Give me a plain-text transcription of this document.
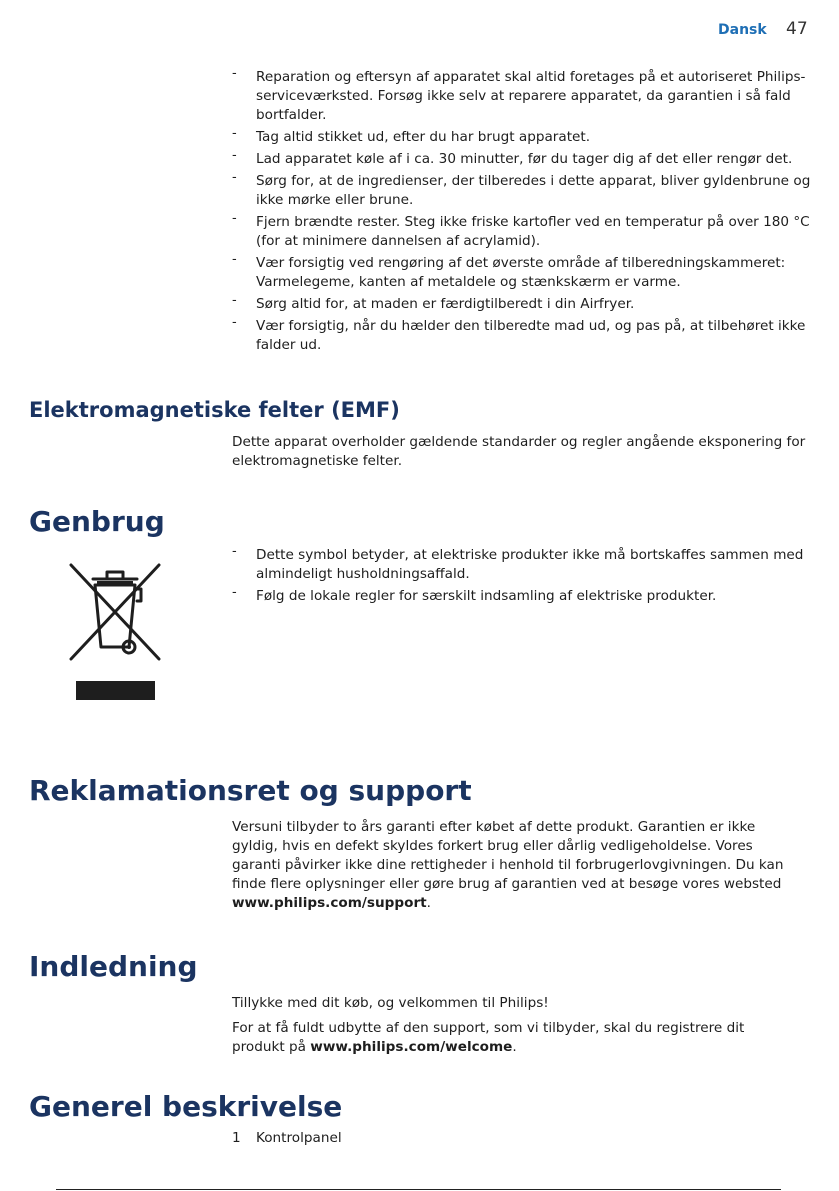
Dansk 47
- Reparation og eftersyn af apparatet skal altid foretages på et autoriseret Philips-serviceværksted. Forsøg ikke selv at reparere apparatet, da garantien i så fald bortfalder.
- Tag altid stikket ud, efter du har brugt apparatet.
- Lad apparatet køle af i ca. 30 minutter, før du tager dig af det eller rengør det.
- Sørg for, at de ingredienser, der tilberedes i dette apparat, bliver gyldenbrune og ikke mørke eller brune.
- Fjern brændte rester. Steg ikke friske kartofler ved en temperatur på over 180 °C (for at minimere dannelsen af acrylamid).
- Vær forsigtig ved rengøring af det øverste område af tilberedningskammeret: Varmelegeme, kanten af metaldele og stænkskærm er varme.
- Sørg altid for, at maden er færdigtilberedt i din Airfryer.
- Vær forsigtig, når du hælder den tilberedte mad ud, og pas på, at tilbehøret ikke falder ud.
Elektromagnetiske felter (EMF)

Dette apparat overholder gældende standarder og regler angående eksponering for elektromagnetiske felter.

Genbrug
- Dette symbol betyder, at elektriske produkter ikke må bortskaffes sammen med almindeligt husholdningsaffald.
- Følg de lokale regler for særskilt indsamling af elektriske produkter.
Reklamationsret og support

Versuni tilbyder to års garanti efter købet af dette produkt. Garantien er ikke gyldig, hvis en defekt skyldes forkert brug eller dårlig vedligeholdelse. Vores garanti påvirker ikke dine rettigheder i henhold til forbrugerlovgivningen. Du kan finde flere oplysninger eller gøre brug af garantien ved at besøge vores websted www.philips.com/support.

Indledning

Tillykke med dit køb, og velkommen til Philips!

For at få fuldt udbytte af den support, som vi tilbyder, skal du registrere dit produkt på www.philips.com/welcome.

Generel beskrivelse
1 Kontrolpanel
